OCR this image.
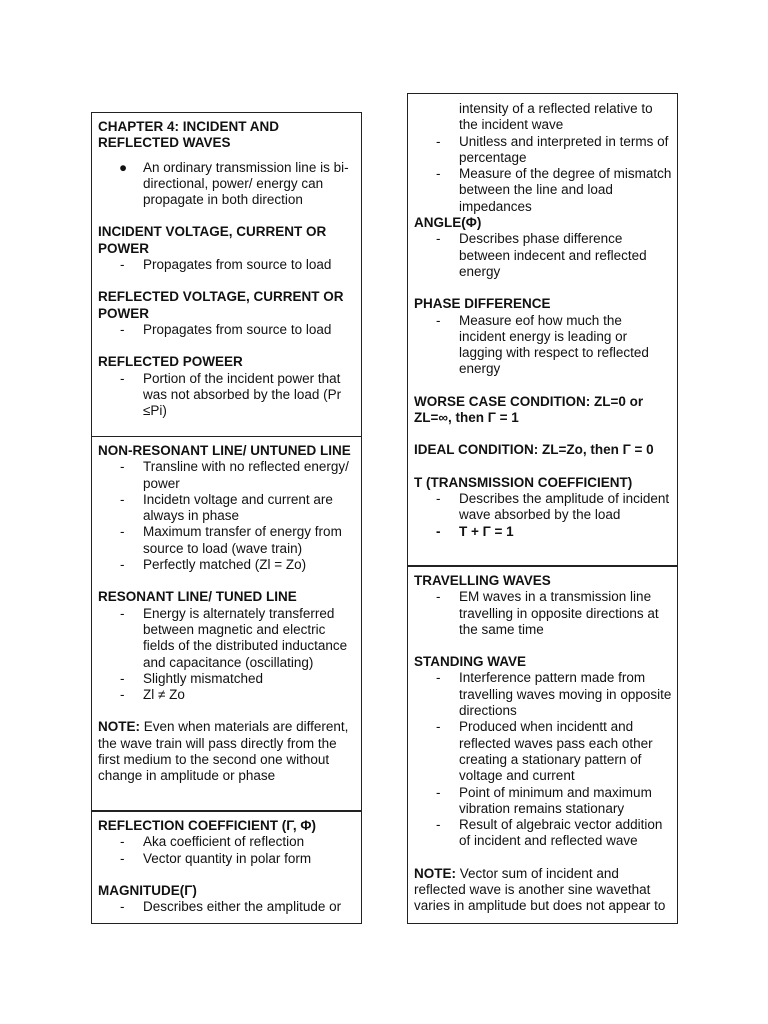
CHAPTER 4: INCIDENT AND REFLECTED WAVES
● An ordinary transmission line is bi-directional, power/ energy can propagate in both direction
INCIDENT VOLTAGE, CURRENT OR POWER
- Propagates from source to load
REFLECTED VOLTAGE, CURRENT OR POWER
- Propagates from source to load
REFLECTED POWEER
- Portion of the incident power that was not absorbed by the load (Pr ≤Pi)
NON-RESONANT LINE/ UNTUNED LINE
- Transline with no reflected energy/ power
- Incidetn voltage and current are always in phase
- Maximum transfer of energy from source to load (wave train)
- Perfectly matched (Zl = Zo)
RESONANT LINE/ TUNED LINE
- Energy is alternately transferred between magnetic and electric fields of the distributed inductance and capacitance (oscillating)
- Slightly mismatched
- Zl ≠ Zo
NOTE: Even when materials are different, the wave train will pass directly from the first medium to the second one without change in amplitude or phase
REFLECTION COEFFICIENT (Γ, Φ)
- Aka coefficient of reflection
- Vector quantity in polar form
MAGNITUDE(Γ)
- Describes either the amplitude or
intensity of a reflected relative to the incident wave
- Unitless and interpreted in terms of percentage
- Measure of the degree of mismatch between the line and load impedances
ANGLE(Φ)
- Describes phase difference between indecent and reflected energy
PHASE DIFFERENCE
- Measure eof how much the incident energy is leading or lagging with respect to reflected energy
WORSE CASE CONDITION: ZL=0 or ZL=∞, then Γ = 1
IDEAL CONDITION: ZL=Zo, then Γ = 0
T (TRANSMISSION COEFFICIENT)
- Describes the amplitude of incident wave absorbed by the load
- T + Γ = 1
TRAVELLING WAVES
- EM waves in a transmission line travelling in opposite directions at the same time
STANDING WAVE
- Interference pattern made from travelling waves moving in opposite directions
- Produced when incidentt and reflected waves pass each other creating a stationary pattern of voltage and current
- Point of minimum and maximum vibration remains stationary
- Result of algebraic vector addition of incident and reflected wave
NOTE: Vector sum of incident and reflected wave is another sine wavethat varies in amplitude but does not appear to
